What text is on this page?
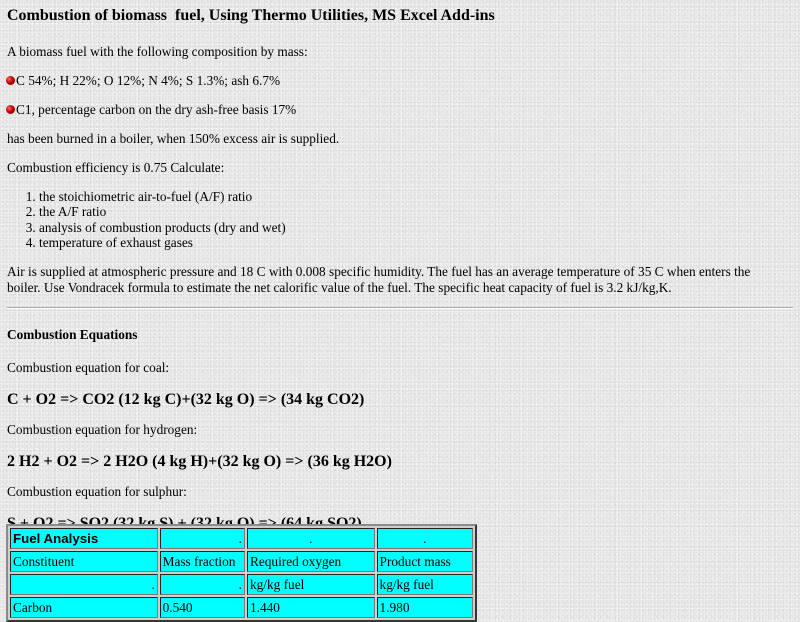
Combustion of biomass  fuel, Using Thermo Utilities, MS Excel Add-ins

A biomass fuel with the following composition by mass:

C 54%; H 22%; O 12%; N 4%; S 1.3%; ash 6.7%
C1, percentage carbon on the dry ash-free basis 17%

has been burned in a boiler, when 150% excess air is supplied.

Combustion efficiency is 0.75 Calculate:

1. the stoichiometric air-to-fuel (A/F) ratio
2. the A/F ratio
3. analysis of combustion products (dry and wet)
4. temperature of exhaust gases

Air is supplied at atmospheric pressure and 18 C with 0.008 specific humidity. The fuel has an average temperature of 35 C when enters the boiler. Use Vondracek formula to estimate the net calorific value of the fuel. The specific heat capacity of fuel is 3.2 kJ/kg,K.

Combustion Equations

Combustion equation for coal:

C + O2 => CO2 (12 kg C)+(32 kg O) => (34 kg CO2)

Combustion equation for hydrogen:

2 H2 + O2 => 2 H2O (4 kg H)+(32 kg O) => (36 kg H2O)

Combustion equation for sulphur:

Fuel Analysis	.	.	.
Constituent	Mass fraction	Required oxygen	Product mass
.	.	kg/kg fuel	kg/kg fuel
Carbon	0.540	1.440	1.980
